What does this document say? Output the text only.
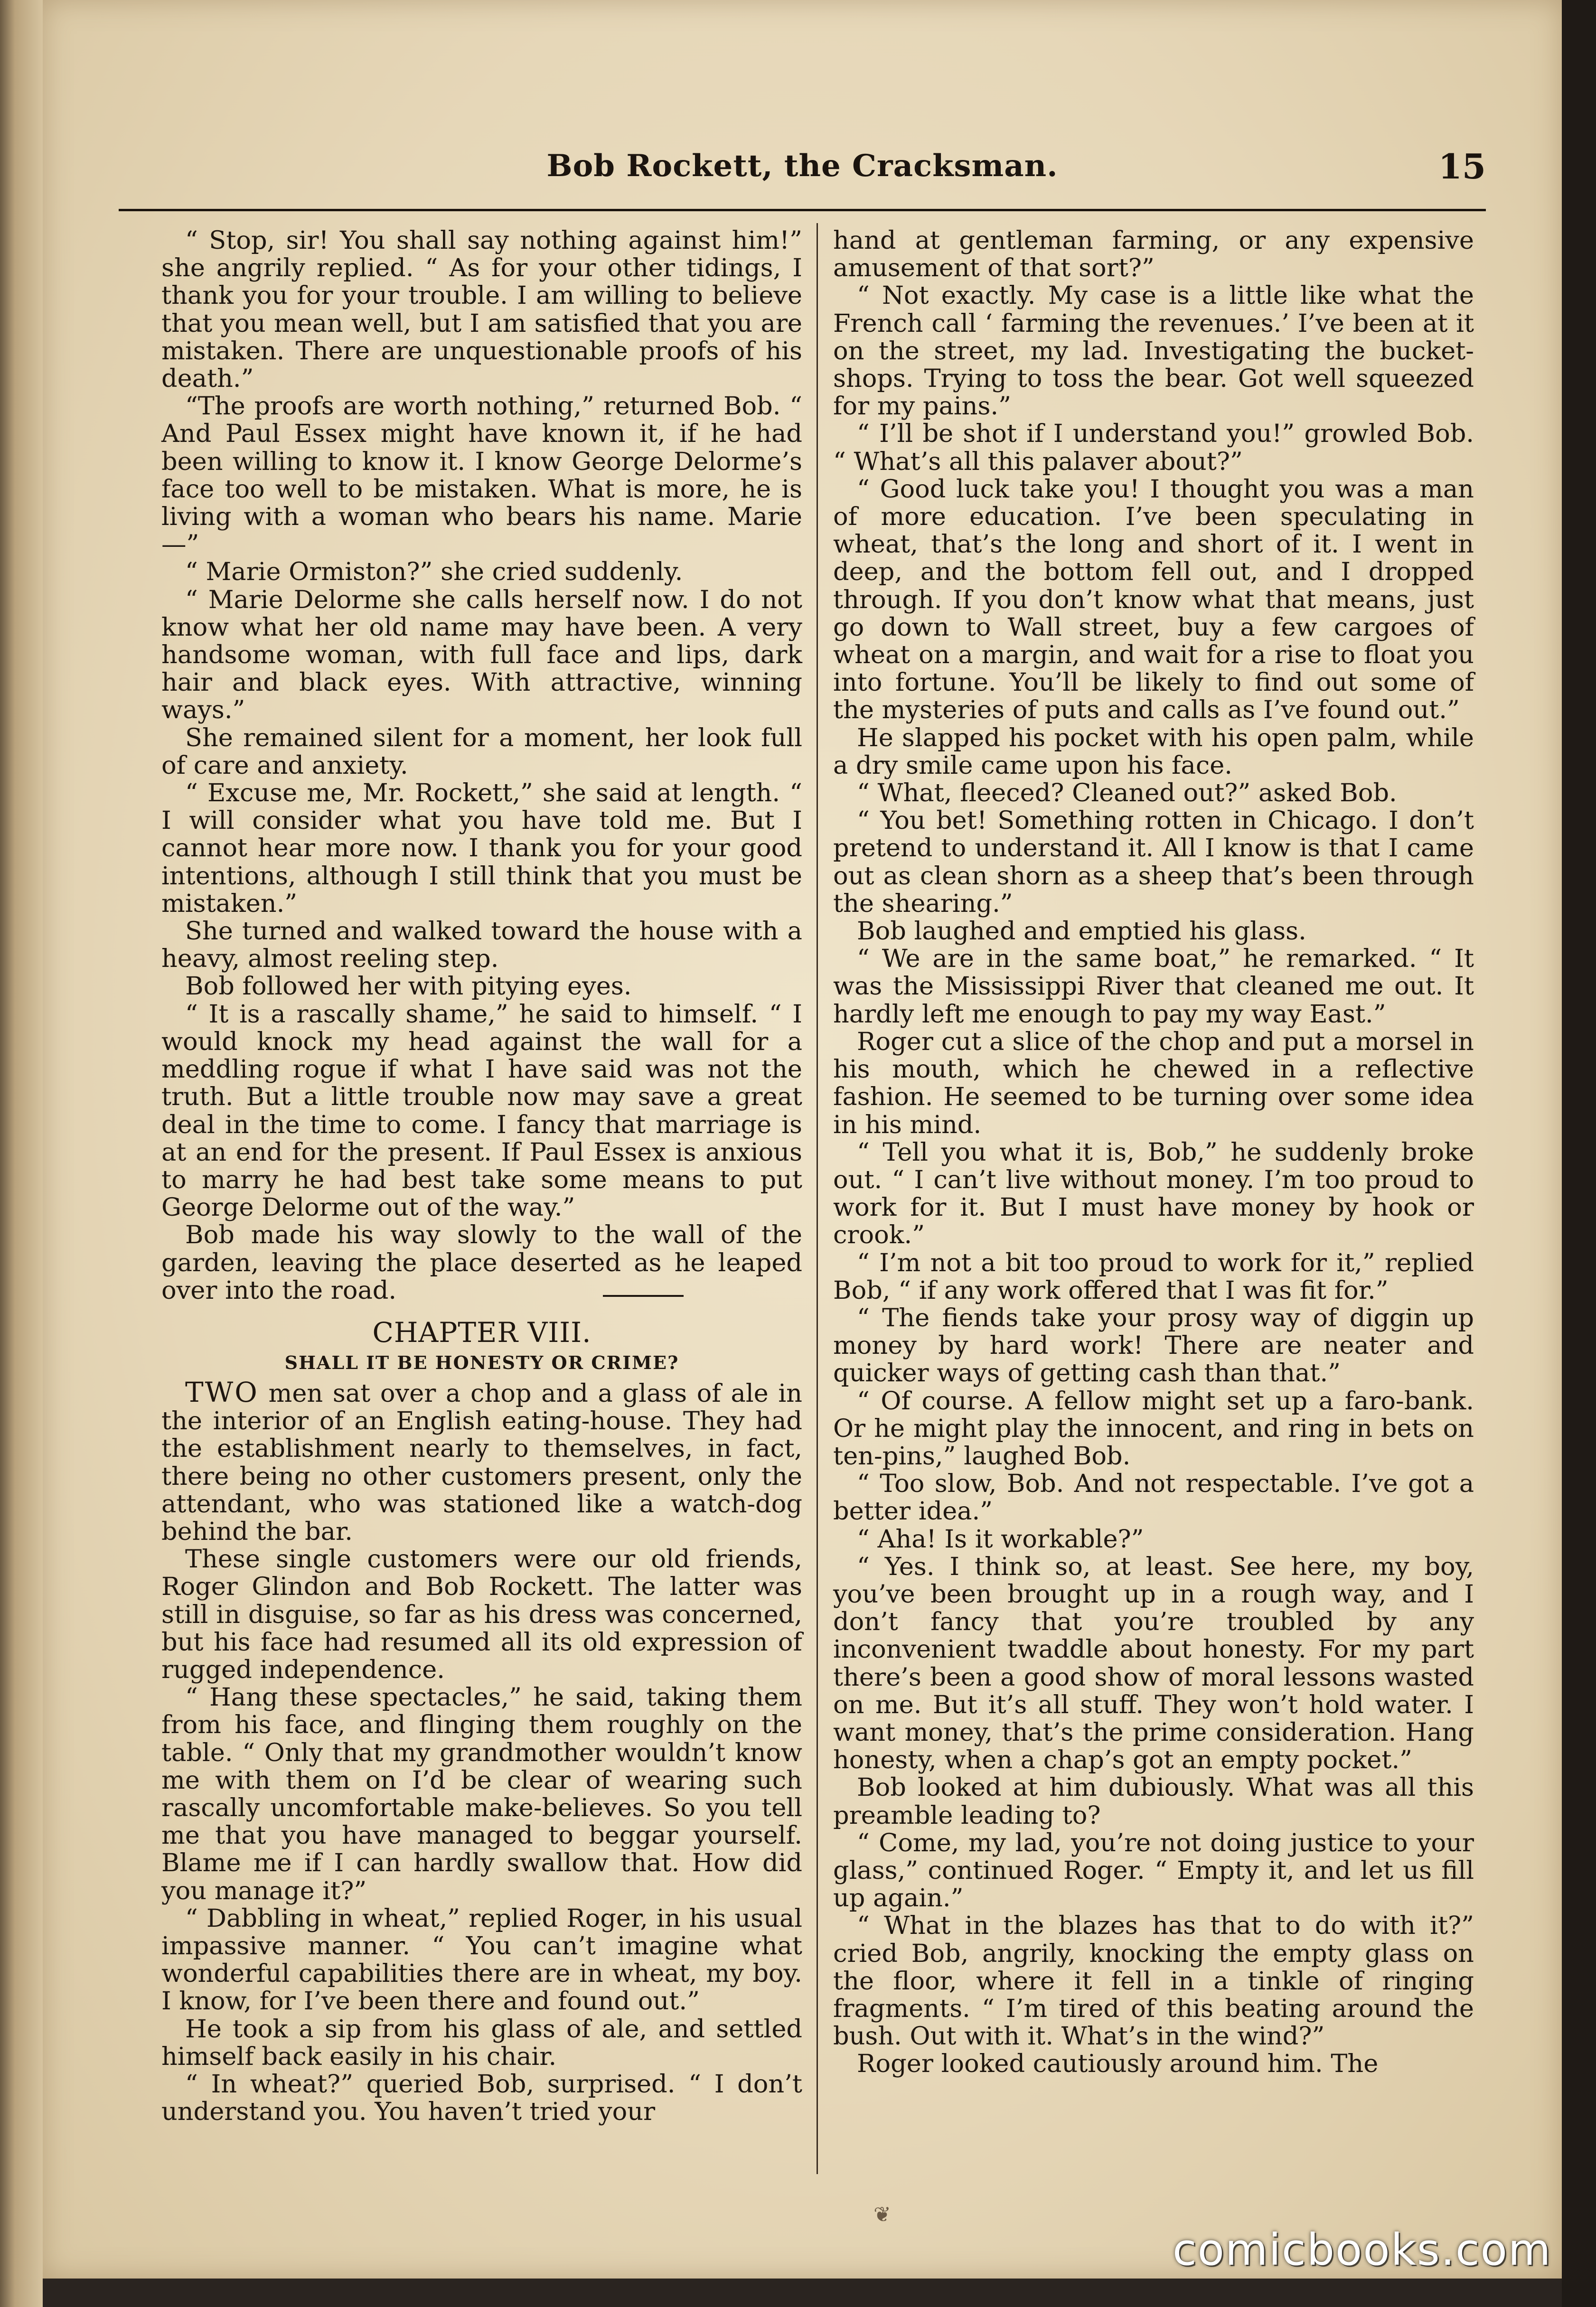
Bob Rockett, the Cracksman.	15

“ Stop, sir! You shall say nothing against him!” she angrily replied. “ As for your other tidings, I thank you for your trouble. I am willing to believe that you mean well, but I am satisfied that you are mistaken. There are unquestionable proofs of his death.”

“The proofs are worth nothing,” returned Bob. “ And Paul Essex might have known it, if he had been willing to know it. I know George Delorme’s face too well to be mistaken. What is more, he is living with a woman who bears his name. Marie—”

“ Marie Ormiston?” she cried suddenly.

“ Marie Delorme she calls herself now. I do not know what her old name may have been. A very handsome woman, with full face and lips, dark hair and black eyes. With attractive, winning ways.”

She remained silent for a moment, her look full of care and anxiety.

“ Excuse me, Mr. Rockett,” she said at length. “ I will consider what you have told me. But I cannot hear more now. I thank you for your good intentions, although I still think that you must be mistaken.”

She turned and walked toward the house with a heavy, almost reeling step.

Bob followed her with pitying eyes.

“ It is a rascally shame,” he said to himself. “ I would knock my head against the wall for a meddling rogue if what I have said was not the truth. But a little trouble now may save a great deal in the time to come. I fancy that marriage is at an end for the present. If Paul Essex is anxious to marry he had best take some means to put George Delorme out of the way.”

Bob made his way slowly to the wall of the garden, leaving the place deserted as he leaped over into the road.

CHAPTER VIII.
SHALL IT BE HONESTY OR CRIME?

TWO men sat over a chop and a glass of ale in the interior of an English eating-house. They had the establishment nearly to themselves, in fact, there being no other customers present, only the attendant, who was stationed like a watch-dog behind the bar.

These single customers were our old friends, Roger Glindon and Bob Rockett. The latter was still in disguise, so far as his dress was concerned, but his face had resumed all its old expression of rugged independence.

“ Hang these spectacles,” he said, taking them from his face, and flinging them roughly on the table. “ Only that my grandmother wouldn’t know me with them on I’d be clear of wearing such rascally uncomfortable make-believes. So you tell me that you have managed to beggar yourself. Blame me if I can hardly swallow that. How did you manage it?”

“ Dabbling in wheat,” replied Roger, in his usual impassive manner. “ You can’t imagine what wonderful capabilities there are in wheat, my boy. I know, for I’ve been there and found out.”

He took a sip from his glass of ale, and settled himself back easily in his chair.

“ In wheat?” queried Bob, surprised. “ I don’t understand you. You haven’t tried your

hand at gentleman farming, or any expensive amusement of that sort?”

“ Not exactly. My case is a little like what the French call ‘ farming the revenues.’ I’ve been at it on the street, my lad. Investigating the bucket-shops. Trying to toss the bear. Got well squeezed for my pains.”

“ I’ll be shot if I understand you!” growled Bob. “ What’s all this palaver about?”

“ Good luck take you! I thought you was a man of more education. I’ve been speculating in wheat, that’s the long and short of it. I went in deep, and the bottom fell out, and I dropped through. If you don’t know what that means, just go down to Wall street, buy a few cargoes of wheat on a margin, and wait for a rise to float you into fortune. You’ll be likely to find out some of the mysteries of puts and calls as I’ve found out.”

He slapped his pocket with his open palm, while a dry smile came upon his face.

“ What, fleeced? Cleaned out?” asked Bob.

“ You bet! Something rotten in Chicago. I don’t pretend to understand it. All I know is that I came out as clean shorn as a sheep that’s been through the shearing.”

Bob laughed and emptied his glass.

“ We are in the same boat,” he remarked. “ It was the Mississippi River that cleaned me out. It hardly left me enough to pay my way East.”

Roger cut a slice of the chop and put a morsel in his mouth, which he chewed in a reflective fashion. He seemed to be turning over some idea in his mind.

“ Tell you what it is, Bob,” he suddenly broke out. “ I can’t live without money. I’m too proud to work for it. But I must have money by hook or crook.”

“ I’m not a bit too proud to work for it,” replied Bob, “ if any work offered that I was fit for.”

“ The fiends take your prosy way of diggin up money by hard work! There are neater and quicker ways of getting cash than that.”

“ Of course. A fellow might set up a faro-bank. Or he might play the innocent, and ring in bets on ten-pins,” laughed Bob.

“ Too slow, Bob. And not respectable. I’ve got a better idea.”

“ Aha! Is it workable?”

“ Yes. I think so, at least. See here, my boy, you’ve been brought up in a rough way, and I don’t fancy that you’re troubled by any inconvenient twaddle about honesty. For my part there’s been a good show of moral lessons wasted on me. But it’s all stuff. They won’t hold water. I want money, that’s the prime consideration. Hang honesty, when a chap’s got an empty pocket.”

Bob looked at him dubiously. What was all this preamble leading to?

“ Come, my lad, you’re not doing justice to your glass,” continued Roger. “ Empty it, and let us fill up again.”

“ What in the blazes has that to do with it?” cried Bob, angrily, knocking the empty glass on the floor, where it fell in a tinkle of ringing fragments. “ I’m tired of this beating around the bush. Out with it. What’s in the wind?”

Roger looked cautiously around him. The

❦
comicbooks.com
